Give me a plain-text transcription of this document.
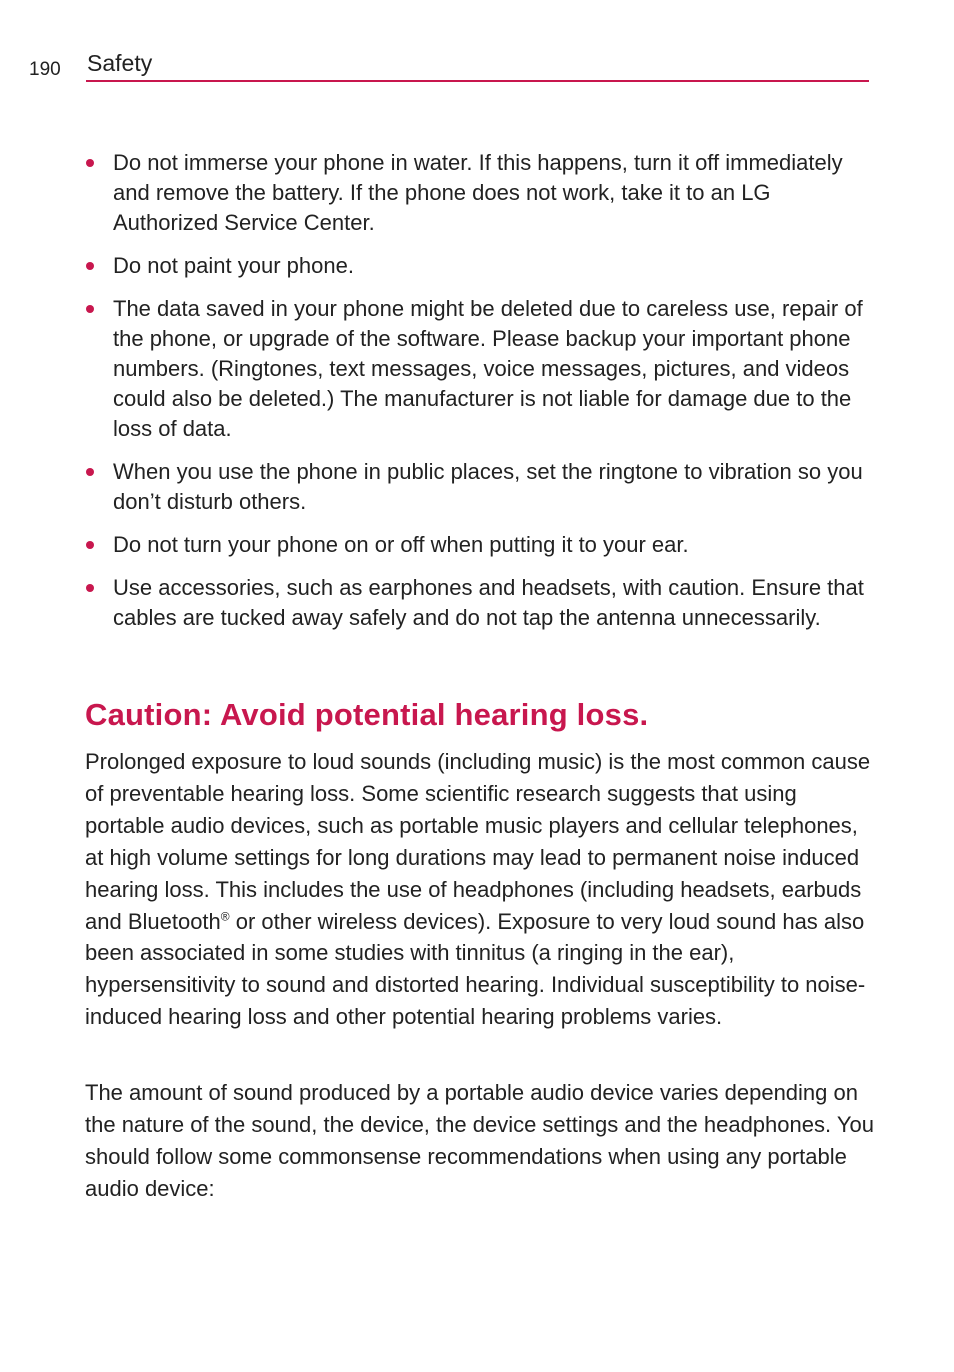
190 Safety
Do not immerse your phone in water. If this happens, turn it off immediately and remove the battery. If the phone does not work, take it to an LG Authorized Service Center.
Do not paint your phone.
The data saved in your phone might be deleted due to careless use, repair of the phone, or upgrade of the software. Please backup your important phone numbers. (Ringtones, text messages, voice messages, pictures, and videos could also be deleted.) The manufacturer is not liable for damage due to the loss of data.
When you use the phone in public places, set the ringtone to vibration so you don’t disturb others.
Do not turn your phone on or off when putting it to your ear.
Use accessories, such as earphones and headsets, with caution. Ensure that cables are tucked away safely and do not tap the antenna unnecessarily.
Caution: Avoid potential hearing loss.

Prolonged exposure to loud sounds (including music) is the most common cause of preventable hearing loss. Some scientific research suggests that using portable audio devices, such as portable music players and cellular telephones, at high volume settings for long durations may lead to permanent noise induced hearing loss. This includes the use of headphones (including headsets, earbuds and Bluetooth® or other wireless devices). Exposure to very loud sound has also been associated in some studies with tinnitus (a ringing in the ear), hypersensitivity to sound and distorted hearing. Individual susceptibility to noise-induced hearing loss and other potential hearing problems varies.

The amount of sound produced by a portable audio device varies depending on the nature of the sound, the device, the device settings and the headphones. You should follow some commonsense recommendations when using any portable audio device:
